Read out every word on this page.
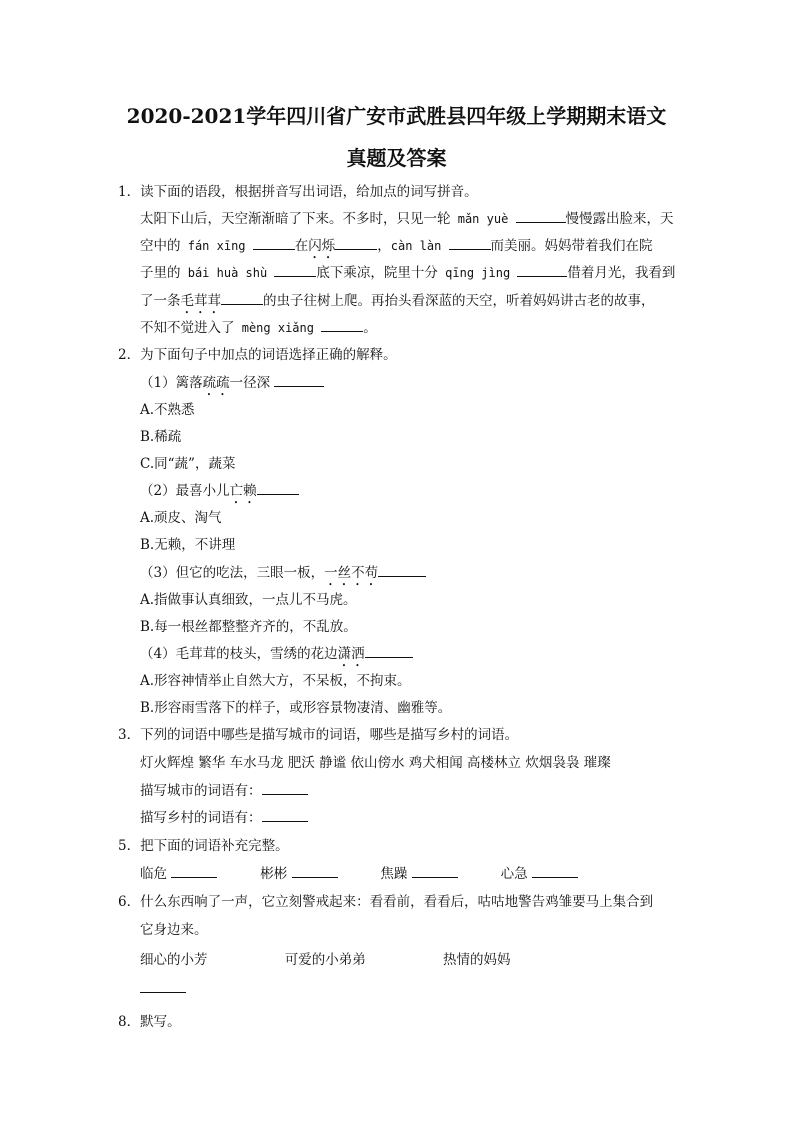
2020-2021学年四川省广安市武胜县四年级上学期期末语文
真题及答案
1．读下面的语段，根据拼音写出词语，给加点的词写拼音。
太阳下山后，天空渐渐暗了下来。不多时，只见一轮 mǎn yuè	慢慢露出脸来，天
空中的 fán xīng	在闪烁	，càn làn	而美丽。妈妈带着我们在院
子里的 bái huà shù	底下乘凉，院里十分 qīng jìng	借着月光，我看到
了一条毛茸茸	的虫子往树上爬。再抬头看深蓝的天空，听着妈妈讲古老的故事，
不知不觉进入了 mèng xiǎng	。
2．为下面句子中加点的词语选择正确的解释。
（1）篱落疏疏一径深
A.不熟悉
B.稀疏
C.同“蔬”，蔬菜
（2）最喜小儿亡赖
A.顽皮、淘气
B.无赖，不讲理
（3）但它的吃法，三眼一板，一丝不苟
A.指做事认真细致，一点儿不马虎。
B.每一根丝都整整齐齐的，不乱放。
（4）毛茸茸的枝头，雪绣的花边潇洒
A.形容神情举止自然大方，不呆板，不拘束。
B.形容雨雪落下的样子，或形容景物凄清、幽雅等。
3．下列的词语中哪些是描写城市的词语，哪些是描写乡村的词语。
灯火辉煌 繁华 车水马龙 肥沃 静谧 依山傍水 鸡犬相闻 高楼林立 炊烟袅袅 璀璨
描写城市的词语有：
描写乡村的词语有：
5．把下面的词语补充完整。
临危	彬彬	焦躁	心急
6．什么东西响了一声，它立刻警戒起来：看看前，看看后，咕咕地警告鸡雏要马上集合到
它身边来。
细心的小芳                  可爱的小弟弟                  热情的妈妈
8．默写。
